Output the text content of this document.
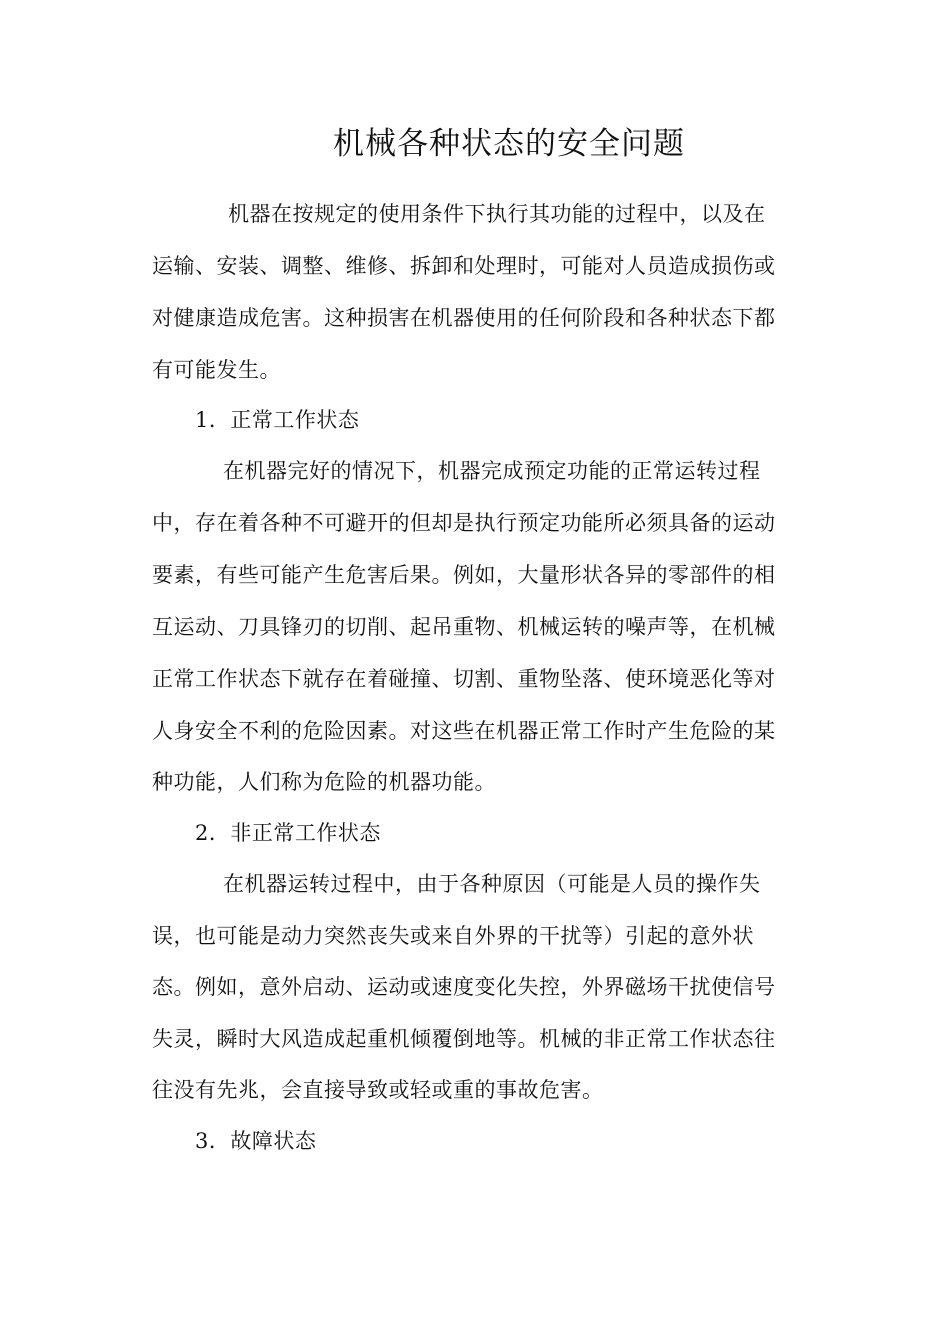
机械各种状态的安全问题
机器在按规定的使用条件下执行其功能的过程中，以及在
运输、安装、调整、维修、拆卸和处理时，可能对人员造成损伤或
对健康造成危害。这种损害在机器使用的任何阶段和各种状态下都
有可能发生。
1．正常工作状态
在机器完好的情况下，机器完成预定功能的正常运转过程
中，存在着各种不可避开的但却是执行预定功能所必须具备的运动
要素，有些可能产生危害后果。例如，大量形状各异的零部件的相
互运动、刀具锋刃的切削、起吊重物、机械运转的噪声等，在机械
正常工作状态下就存在着碰撞、切割、重物坠落、使环境恶化等对
人身安全不利的危险因素。对这些在机器正常工作时产生危险的某
种功能，人们称为危险的机器功能。
2．非正常工作状态
在机器运转过程中，由于各种原因（可能是人员的操作失
误，也可能是动力突然丧失或来自外界的干扰等）引起的意外状
态。例如，意外启动、运动或速度变化失控，外界磁场干扰使信号
失灵，瞬时大风造成起重机倾覆倒地等。机械的非正常工作状态往
往没有先兆，会直接导致或轻或重的事故危害。
3．故障状态
